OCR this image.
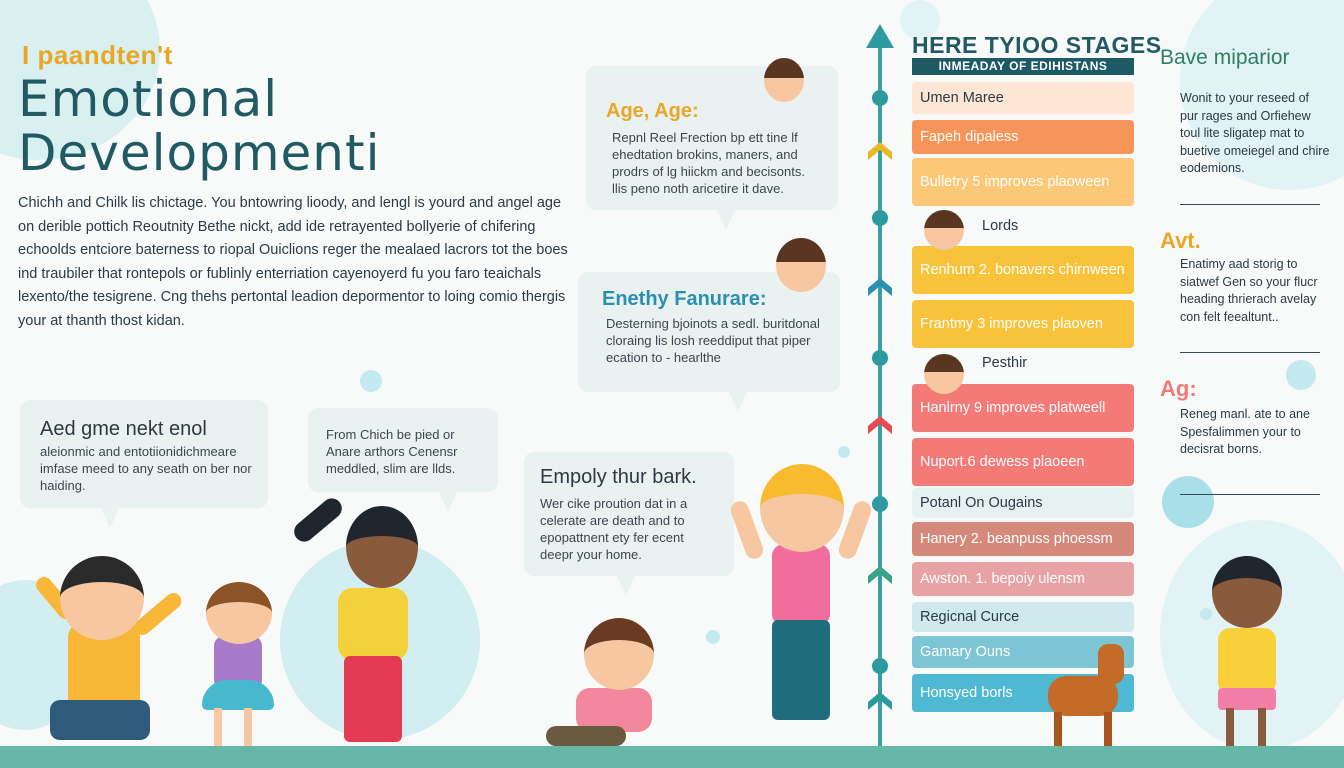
I paandten't
Emotional
Developmenti
Chichh and Chilk lis chictage. You bntowring lioody, and lengl is yourd and angel age on derible pottich Reoutnity Bethe nickt, add ide retrayented bollyerie of chifering echoolds entciore baterness to riopal Ouiclions reger the mealaed lacrors tot the boes ind traubiler that rontepols or fublinly enterriation cayenoyerd fu you faro teaichals lexento/the tesigrene. Cng thehs pertontal leadion depormentor to loing comio thergis your at thanth thost kidan.
Age, Age:

Repnl Reel Frection bp ett tine lf ehedtation brokins, maners, and prodrs of lg hiickm and becisonts. llis peno noth aricetire it dave.

Enethy Fanurare:

Desterning bjoinots a sedl. buritdonal cloraing lis losh reeddiput that piper ecation to - hearlthe

Aed gme nekt enol

aleionmic and entotiionidichmeare imfase meed to any seath on ber nor haiding.

From Chich be pied or Anare arthors Cenensr meddled, slim are llds.	Empoly thur bark.

Wer cike proution dat in a celerate are death and to epopattnent ety fer ecent deepr your home.

HERE TYIOO STAGES
INMEADAY OF EDIHISTANS
Umen Maree
Fapeh dipaless
Bulletry 5 improves plaoween
Lords
Renhum 2. bonavers chirnween
Frantmy 3 improves plaoven
Pesthir
Hanlrny 9 improves platweell
Nuport.6 dewess plaoeen
Potanl On Ougains
Hanery 2. beanpuss phoessm
Awston. 1. bepoiy ulensm
Regicnal Curce
Gamary Ouns
Honsyed borls
Bave miparior
Wonit to your reseed of pur rages and Orfiehew toul lite sligatep mat to buetive omeiegel and chire eodemions.
Avt.
Enatimy aad storig to siatwef Gen so your flucr heading thrierach avelay con felt feealtunt..
Ag:
Reneg manl. ate to ane Spesfalimmen your to decisrat borns.
